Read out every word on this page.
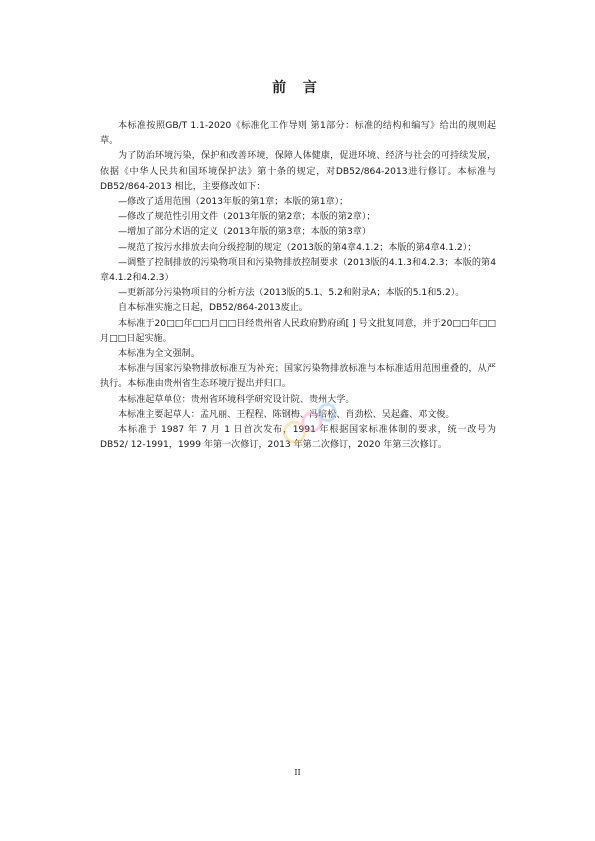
前 言

本标准按照GB/T 1.1-2020《标准化工作导则 第1部分：标准的结构和编写》给出的规则起草。

为了防治环境污染，保护和改善环境，保障人体健康，促进环境、经济与社会的可持续发展，依据《中华人民共和国环境保护法》第十条的规定，对DB52/864-2013进行修订。本标准与DB52/864-2013 相比，主要修改如下：

—修改了适用范围（2013年版的第1章；本版的第1章）；

—修改了规范性引用文件（2013年版的第2章；本版的第2章）；

—增加了部分术语的定义（2013年版的第3章；本版的第3章）

—规范了按污水排放去向分级控制的规定（2013版的第4章4.1.2；本版的第4章4.1.2）；

—调整了控制排放的污染物项目和污染物排放控制要求（2013版的4.1.3和4.2.3；本版的第4章4.1.2和4.2.3）

—更新部分污染物项目的分析方法（2013版的5.1、5.2和附录A；本版的5.1和5.2）。

自本标准实施之日起，DB52/864-2013废止。

本标准于20□□年□□月□□日经贵州省人民政府黔府函[ ] 号文批复同意，并于20□□年□□月□□日起实施。

本标准为全文强制。

本标准与国家污染物排放标准互为补充；国家污染物排放标准与本标准适用范围重叠的，从严执行。本标准由贵州省生态环境厅提出并归口。

本标准起草单位：贵州省环境科学研究设计院、贵州大学。

本标准主要起草人：孟凡丽、王程程、陈钢梅、冯培松、肖劲松、吴起鑫、邓文俊。

本标准于 1987 年 7 月 1 日首次发布，1991 年根据国家标准体制的要求，统一改号为DB52/ 12-1991，1999 年第一次修订，2013 年第二次修订，2020 年第三次修订。

II
